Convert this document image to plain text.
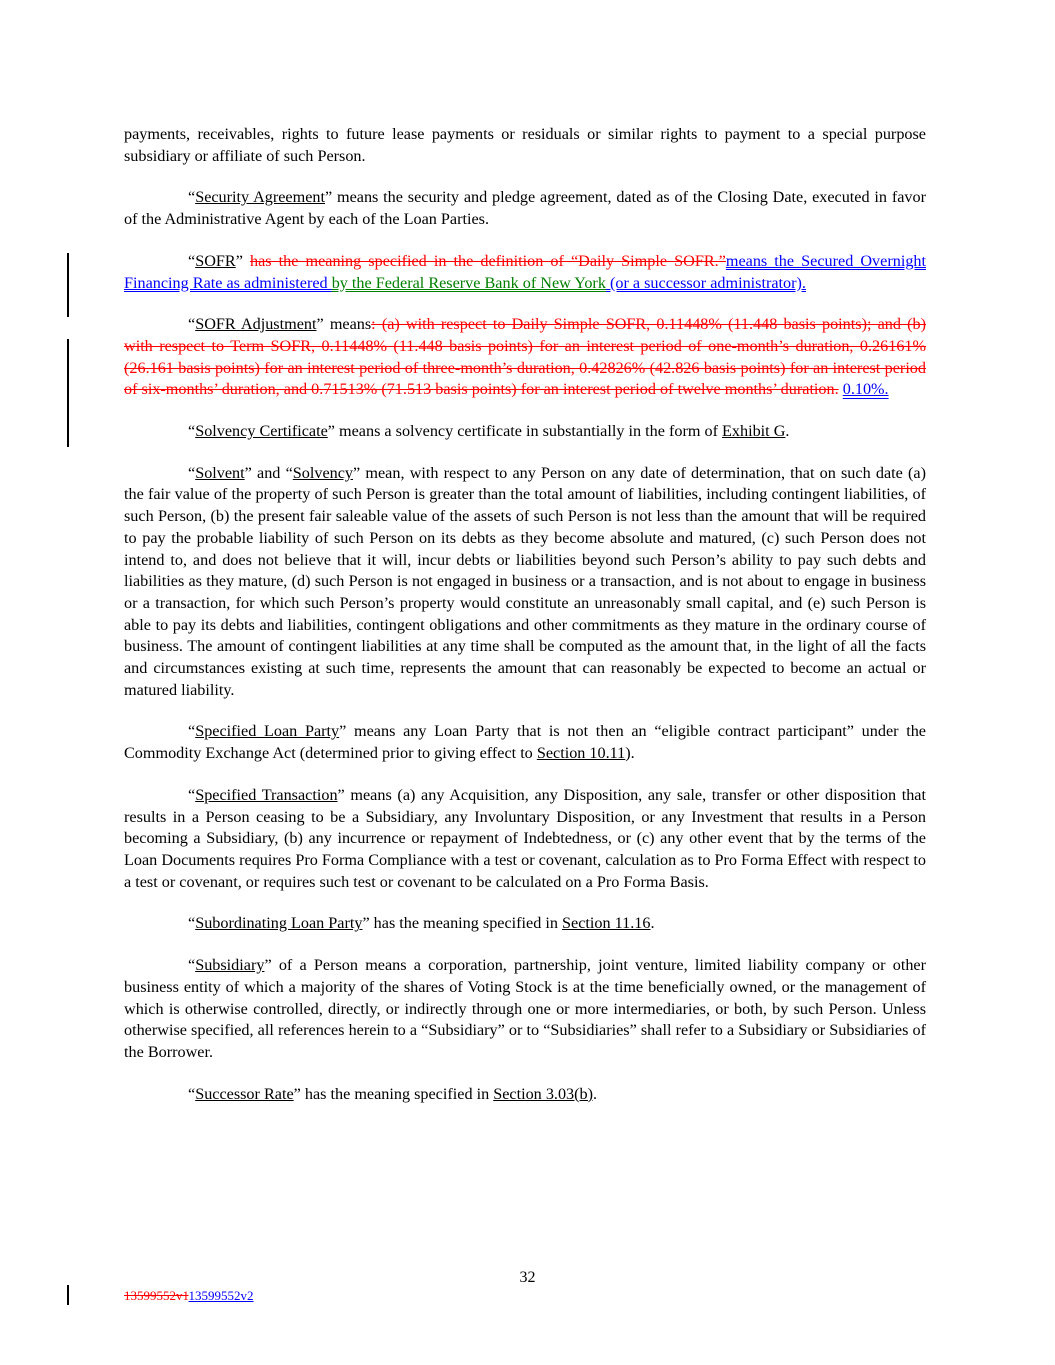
payments, receivables, rights to future lease payments or residuals or similar rights to payment to a special purpose subsidiary or affiliate of such Person.

“Security Agreement” means the security and pledge agreement, dated as of the Closing Date, executed in favor of the Administrative Agent by each of the Loan Parties.

“SOFR” has the meaning specified in the definition of “Daily Simple SOFR.”means the Secured Overnight Financing Rate as administered by the Federal Reserve Bank of New York (or a successor administrator).

“SOFR Adjustment” means: (a) with respect to Daily Simple SOFR, 0.11448% (11.448 basis points); and (b) with respect to Term SOFR, 0.11448% (11.448 basis points) for an interest period of one-month’s duration, 0.26161% (26.161 basis points) for an interest period of three-month’s duration, 0.42826% (42.826 basis points) for an interest period of six-months’ duration, and 0.71513% (71.513 basis points) for an interest period of twelve months’ duration. 0.10%.

“Solvency Certificate” means a solvency certificate in substantially in the form of Exhibit G.

“Solvent” and “Solvency” mean, with respect to any Person on any date of determination, that on such date (a) the fair value of the property of such Person is greater than the total amount of liabilities, including contingent liabilities, of such Person, (b) the present fair saleable value of the assets of such Person is not less than the amount that will be required to pay the probable liability of such Person on its debts as they become absolute and matured, (c) such Person does not intend to, and does not believe that it will, incur debts or liabilities beyond such Person’s ability to pay such debts and liabilities as they mature, (d) such Person is not engaged in business or a transaction, and is not about to engage in business or a transaction, for which such Person’s property would constitute an unreasonably small capital, and (e) such Person is able to pay its debts and liabilities, contingent obligations and other commitments as they mature in the ordinary course of business. The amount of contingent liabilities at any time shall be computed as the amount that, in the light of all the facts and circumstances existing at such time, represents the amount that can reasonably be expected to become an actual or matured liability.

“Specified Loan Party” means any Loan Party that is not then an “eligible contract participant” under the Commodity Exchange Act (determined prior to giving effect to Section 10.11).

“Specified Transaction” means (a) any Acquisition, any Disposition, any sale, transfer or other disposition that results in a Person ceasing to be a Subsidiary, any Involuntary Disposition, or any Investment that results in a Person becoming a Subsidiary, (b) any incurrence or repayment of Indebtedness, or (c) any other event that by the terms of the Loan Documents requires Pro Forma Compliance with a test or covenant, calculation as to Pro Forma Effect with respect to a test or covenant, or requires such test or covenant to be calculated on a Pro Forma Basis.

“Subordinating Loan Party” has the meaning specified in Section 11.16.

“Subsidiary” of a Person means a corporation, partnership, joint venture, limited liability company or other business entity of which a majority of the shares of Voting Stock is at the time beneficially owned, or the management of which is otherwise controlled, directly, or indirectly through one or more intermediaries, or both, by such Person. Unless otherwise specified, all references herein to a “Subsidiary” or to “Subsidiaries” shall refer to a Subsidiary or Subsidiaries of the Borrower.

“Successor Rate” has the meaning specified in Section 3.03(b).

32
13599552v113599552v2
